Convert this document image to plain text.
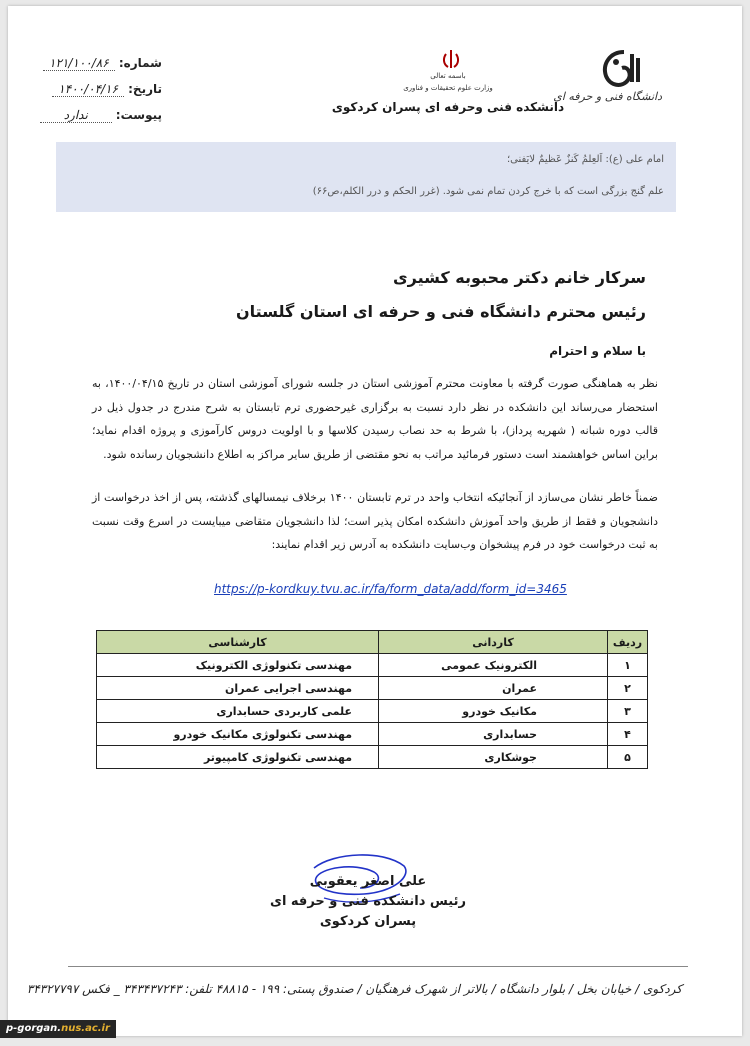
دانشگاه فنی و حرفه ای
باسمه تعالی
وزارت علوم تحقیقات و فناوری
دانشکده فنی وحرفه ای پسران کردکوی
شماره:
۱۲۱/۱۰۰/۸۶
تاریخ:
۱۴۰۰/۰۴/۱۶
پیوست:
ندارد
امام علی (ع): اَلعِلمُ کَنزٌ عَظیمٌ لایَفنی؛
علم گنج بزرگی است که با خرج کردن تمام نمی شود. (غرر الحکم و درر الکلم،ص۶۶)
سرکار خانم دکتر محبوبه کشیری
رئیس محترم دانشگاه فنی و حرفه ای استان گلستان
با سلام و احترام
نظر به هماهنگی صورت گرفته با معاونت محترم آموزشی استان در جلسه شورای آموزشی استان در تاریخ ۱۴۰۰/۰۴/۱۵، به استحضار می‌رساند این دانشکده در نظر دارد نسبت به برگزاری غیرحضوری ترم تابستان به شرح مندرج در جدول ذیل در قالب دوره شبانه ( شهریه پرداز)، با شرط به حد نصاب رسیدن کلاسها و با اولویت دروس کارآموزی و پروژه اقدام نماید؛ براین اساس خواهشمند است دستور فرمائید مراتب به نحو مقتضی از طریق سایر مراکز به اطلاع دانشجویان رسانده شود.
ضمناً خاطر نشان می‌سازد از آنجائیکه انتخاب واحد در ترم تابستان ۱۴۰۰ برخلاف نیمسالهای گذشته، پس از اخذ درخواست از دانشجویان و فقط از طریق واحد آموزش دانشکده امکان پذیر است؛ لذا دانشجویان متقاضی میبایست در اسرع وقت نسبت به ثبت درخواست خود در فرم پیشخوان وب‌سایت دانشکده به آدرس زیر اقدام نمایند:
https://p-kordkuy.tvu.ac.ir/fa/form_data/add/form_id=3465
ردیف	کاردانی	کارشناسی
۱	الکترونیک عمومی	مهندسی تکنولوژی الکترونیک
۲	عمران	مهندسی اجرایی عمران
۳	مکانیک خودرو	علمی کاربردی حسابداری
۴	حسابداری	مهندسی تکنولوژی مکانیک خودرو
۵	جوشکاری	مهندسی تکنولوژی کامپیوتر
علی اصغر یعقوبی
رئیس دانشکده فنی و حرفه ای
پسران کردکوی
کردکوی / خیابان بخل / بلوار دانشگاه / بالاتر از شهرک فرهنگیان / صندوق پستی: ۱۹۹ - ۴۸۸۱۵ تلفن: ۳۴۳۴۳۷۲۴۳ _ فکس ۳۴۳۲۷۷۹۷
p-gorgan.nus.ac.ir
